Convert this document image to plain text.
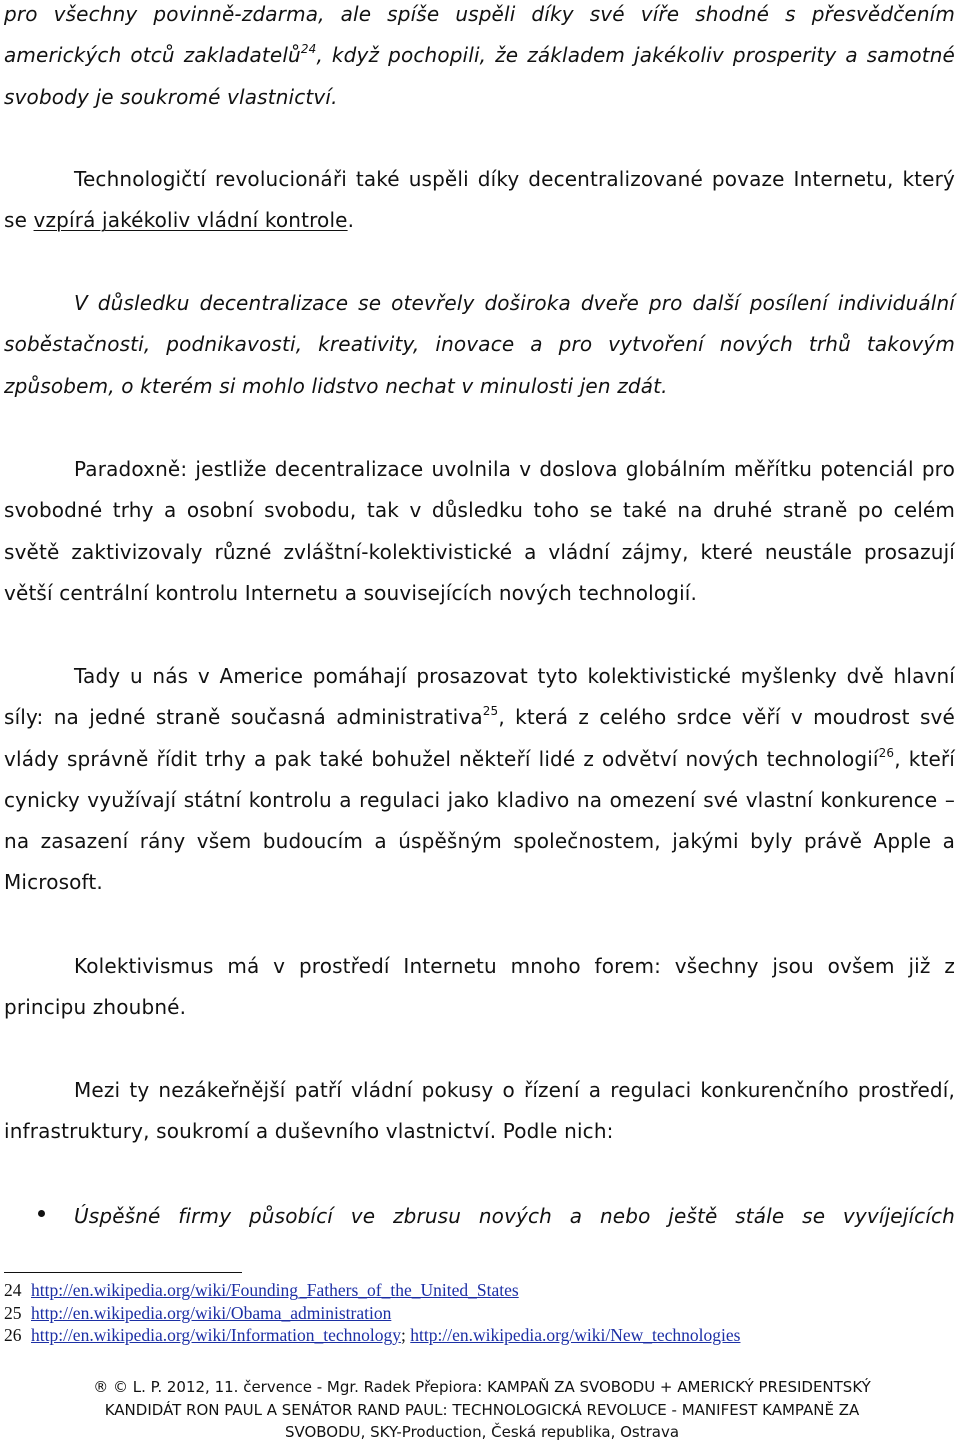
pro všechny povinně-zdarma, ale spíše uspěli díky své víře shodné s přesvědčením amerických otců zakladatelů$^{24}$, když pochopili, že základem jakékoliv prosperity a samotné svobody je soukromé vlastnictví.

Technologičtí revolucionáři také uspěli díky decentralizované povaze Internetu, který se vzpírá jakékoliv vládní kontrole.

V důsledku decentralizace se otevřely doširoka dveře pro další posílení individuální soběstačnosti, podnikavosti, kreativity, inovace a pro vytvoření nových trhů takovým způsobem, o kterém si mohlo lidstvo nechat v minulosti jen zdát.

Paradoxně: jestliže decentralizace uvolnila v doslova globálním měřítku potenciál pro svobodné trhy a osobní svobodu, tak v důsledku toho se také na druhé straně po celém světě zaktivizovaly různé zvláštní-kolektivistické a vládní zájmy, které neustále prosazují větší centrální kontrolu Internetu a souvisejících nových technologií.

Tady u nás v Americe pomáhají prosazovat tyto kolektivistické myšlenky dvě hlavní síly: na jedné straně současná administrativa$^{25}$, která z celého srdce věří v moudrost své vlády správně řídit trhy a pak také bohužel někteří lidé z odvětví nových technologií$^{26}$, kteří cynicky využívají státní kontrolu a regulaci jako kladivo na omezení své vlastní konkurence – na zasazení rány všem budoucím a úspěšným společnostem, jakými byly právě Apple a Microsoft.

Kolektivismus má v prostředí Internetu mnoho forem: všechny jsou ovšem již z principu zhoubné.

Mezi ty nezákeřnější patří vládní pokusy o řízení a regulaci konkurenčního prostředí, infrastruktury, soukromí a duševního vlastnictví. Podle nich:

Úspěšné firmy působící ve zbrusu nových a nebo ještě stále se vyvíjejících

24 http://en.wikipedia.org/wiki/Founding_Fathers_of_the_United_States
25 http://en.wikipedia.org/wiki/Obama_administration
26 http://en.wikipedia.org/wiki/Information_technology; http://en.wikipedia.org/wiki/New_technologies
® © L. P. 2012, 11. července - Mgr. Radek Přepiora: KAMPAŇ ZA SVOBODU + AMERICKÝ PRESIDENTSKÝ
KANDIDÁT RON PAUL A SENÁTOR RAND PAUL: TECHNOLOGICKÁ REVOLUCE - MANIFEST KAMPANĚ ZA
SVOBODU, SKY-Production, Česká republika, Ostrava
